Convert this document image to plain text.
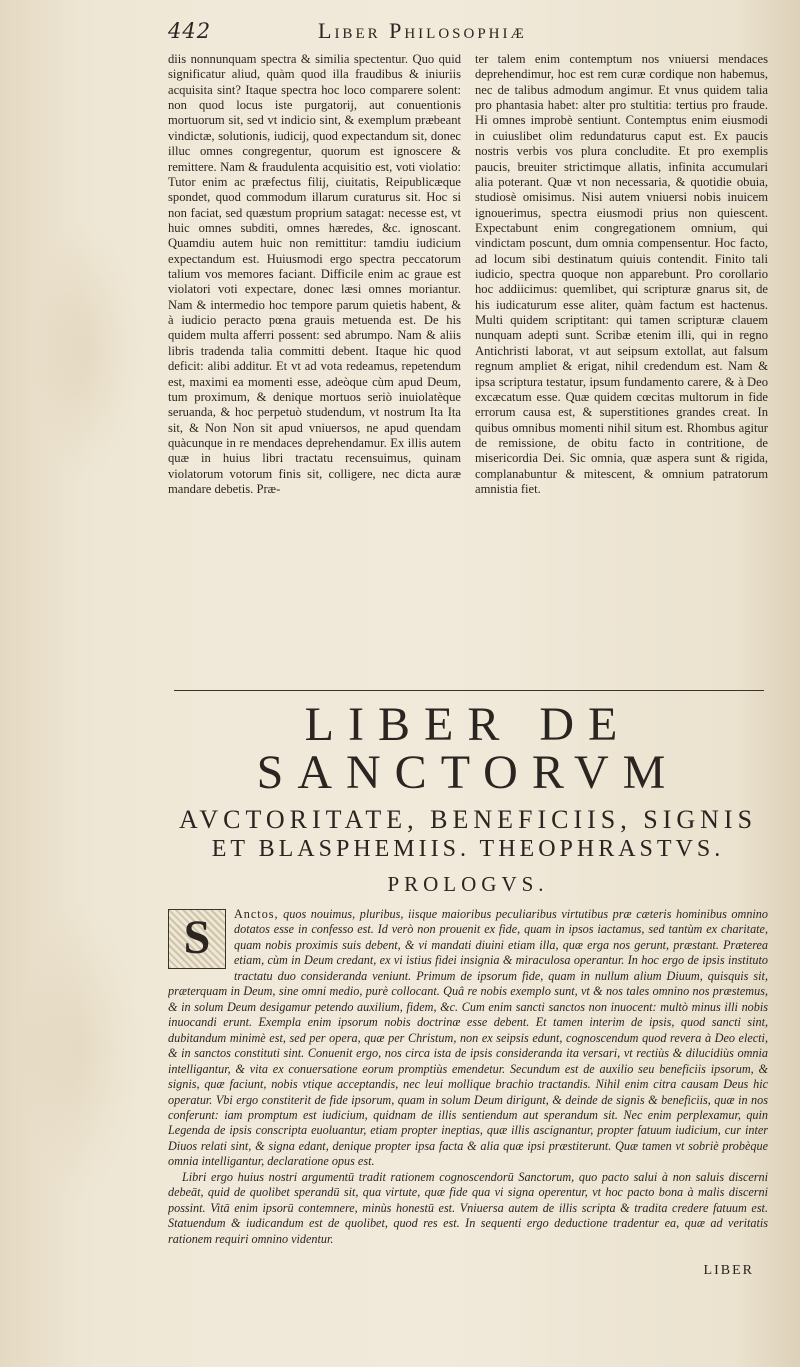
442	Liber Philosophiæ

diis nonnunquam spectra & similia spectentur. Quo quid significatur aliud, quàm quod illa fraudibus & iniuriis acquisita sint? Itaque spectra hoc loco comparere solent: non quod locus iste purgatorij, aut conuentionis mortuorum sit, sed vt indicio sint, & exemplum præbeant vindictæ, solutionis, iudicij, quod expectandum sit, donec illuc omnes congregentur, quorum est ignoscere & remittere. Nam & fraudulenta acquisitio est, voti violatio: Tutor enim ac præfectus filij, ciuitatis, Reipublicæque spondet, quod commodum illarum curaturus sit. Hoc si non faciat, sed quæstum proprium satagat: necesse est, vt huic omnes subditi, omnes hæredes, &c. ignoscant. Quamdiu autem huic non remittitur: tamdiu iudicium expectandum est. Huiusmodi ergo spectra peccatorum talium vos memores faciant. Difficile enim ac graue est violatori voti expectare, donec læsi omnes moriantur. Nam & intermedio hoc tempore parum quietis habent, & à iudicio peracto pœna grauis metuenda est. De his quidem multa afferri possent: sed abrumpo. Nam & aliis libris tradenda talia committi debent. Itaque hic quod deficit: alibi additur. Et vt ad vota redeamus, repetendum est, maximi ea momenti esse, adeòque cùm apud Deum, tum proximum, & denique mortuos seriò inuiolatèque seruanda, & hoc perpetuò studendum, vt nostrum Ita Ita sit, & Non Non sit apud vniuersos, ne apud quendam quàcunque in re mendaces deprehendamur. Ex illis autem quæ in huius libri tractatu recensuimus, quinam violatorum votorum finis sit, colligere, nec dicta auræ mandare debetis. Præ-

ter talem enim contemptum nos vniuersi mendaces deprehendimur, hoc est rem curæ cordique non habemus, nec de talibus admodum angimur. Et vnus quidem talia pro phantasia habet: alter pro stultitia: tertius pro fraude. Hi omnes improbè sentiunt. Contemptus enim eiusmodi in cuiuslibet olim redundaturus caput est. Ex paucis nostris verbis vos plura concludite. Et pro exemplis paucis, breuiter strictimque allatis, infinita accumulari alia poterant. Quæ vt non necessaria, & quotidie obuia, studiosè omisimus. Nisi autem vniuersi nobis inuicem ignouerimus, spectra eiusmodi prius non quiescent. Expectabunt enim congregationem omnium, qui vindictam poscunt, dum omnia compensentur. Hoc facto, ad locum sibi destinatum quiuis contendit. Finito tali iudicio, spectra quoque non apparebunt. Pro corollario hoc addiicimus: quemlibet, qui scripturæ gnarus sit, de his iudicaturum esse aliter, quàm factum est hactenus. Multi quidem scriptitant: qui tamen scripturæ clauem nunquam adepti sunt. Scribæ etenim illi, qui in regno Antichristi laborat, vt aut seipsum extollat, aut falsum regnum ampliet & erigat, nihil credendum est. Nam & ipsa scriptura testatur, ipsum fundamento carere, & à Deo excæcatum esse. Quæ quidem cœcitas multorum in fide errorum causa est, & superstitiones grandes creat. In quibus omnibus momenti nihil situm est. Rhombus agitur de remissione, de obitu facto in contritione, de misericordia Dei. Sic omnia, quæ aspera sunt & rigida, complanabuntur & mitescent, & omnium patratorum amnistia fiet.

LIBER DE SANCTORVM
AVCTORITATE, BENEFICIIS, SIGNIS
ET BLASPHEMIIS. THEOPHRASTVS.
PROLOGVS.
S	Anctos, quos nouimus, pluribus, iisque maioribus peculiaribus virtutibus præ cæteris hominibus omnino dotatos esse in confesso est. Id verò non prouenit ex fide, quam in ipsos iactamus, sed tantùm ex charitate, quam nobis proximis suis debent, & vi mandati diuini etiam illa, quæ erga nos gerunt, præstant. Præterea etiam, cùm in Deum credant, ex vi istius fidei insignia & miraculosa operantur. In hoc ergo de ipsis instituto tractatu duo consideranda veniunt. Primum de ipsorum fide, quam in nullum alium Diuum, quisquis sit, præterquam in Deum, sine omni medio, purè collocant. Quâ re nobis exemplo sunt, vt & nos tales omnino nos præstemus, & in solum Deum desigamur petendo auxilium, fidem, &c. Cum enim sancti sanctos non inuocent: multò minus illi nobis inuocandi erunt. Exempla enim ipsorum nobis doctrinæ esse debent. Et tamen interim de ipsis, quod sancti sint, dubitandum minimè est, sed per opera, quæ per Christum, non ex seipsis edunt, cognoscendum quod revera à Deo electi, & in sanctos constituti sint. Conuenit ergo, nos circa ista de ipsis consideranda ita versari, vt rectiùs & dilucidiùs omnia intelligantur, & vita ex conuersatione eorum promptiùs emendetur. Secundum est de auxilio seu beneficiis ipsorum, & signis, quæ faciunt, nobis vtique acceptandis, nec leui mollique brachio tractandis. Nihil enim citra causam Deus hic operatur. Vbi ergo constiterit de fide ipsorum, quam in solum Deum dirigunt, & deinde de signis & beneficiis, quæ in nos conferunt: iam promptum est iudicium, quidnam de illis sentiendum aut sperandum sit. Nec enim perplexamur, quin Legenda de ipsis conscripta euoluantur, etiam propter ineptias, quæ illis ascignantur, propter fatuum iudicium, cur inter Diuos relati sint, & signa edant, denique propter ipsa facta & alia quæ ipsi præstiterunt. Quæ tamen vt sobriè probèque omnia intelligantur, declaratione opus est.

Libri ergo huius nostri argumentū tradit rationem cognoscendorū Sanctorum, quo pacto salui à non saluis discerni debeāt, quid de quolibet sperandū sit, qua virtute, quæ fide qua vi signa operentur, vt hoc pacto bona à malis discerni possint. Vitā enim ipsorū contemnere, minùs honestū est. Vniuersa autem de illis scripta & tradita credere fatuum est. Statuendum & iudicandum est de quolibet, quod res est. In sequenti ergo deductione tradentur ea, quæ ad veritatis rationem requiri omnino videntur.

LIBER
